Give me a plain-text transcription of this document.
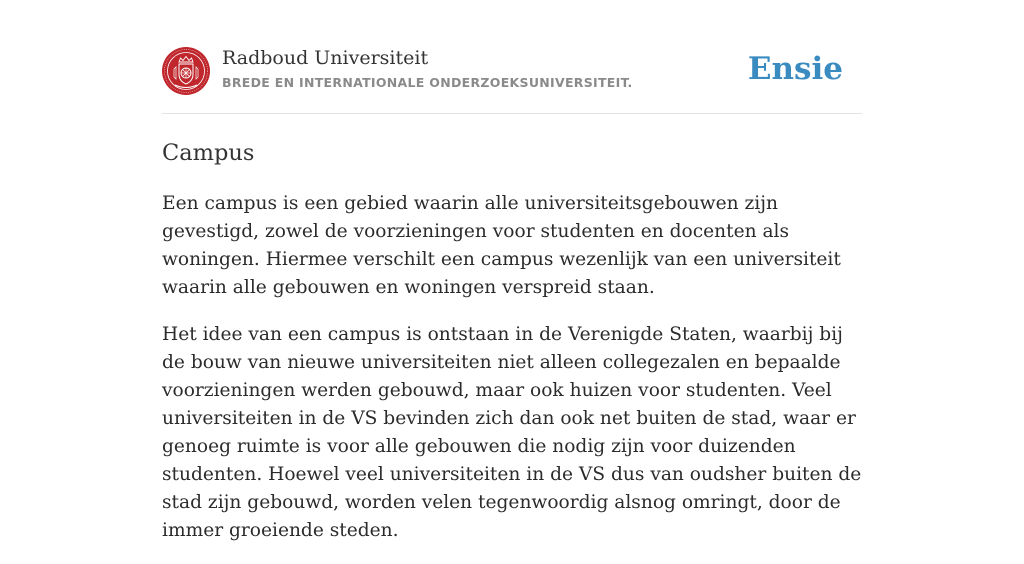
Radboud Universiteit
BREDE EN INTERNATIONALE ONDERZOEKSUNIVERSITEIT.	Ensie
Campus

Een campus is een gebied waarin alle universiteitsgebouwen zijn gevestigd, zowel de voorzieningen voor studenten en docenten als woningen. Hiermee verschilt een campus wezenlijk van een universiteit waarin alle gebouwen en woningen verspreid staan.

Het idee van een campus is ontstaan in de Verenigde Staten, waarbij bij de bouw van nieuwe universiteiten niet alleen collegezalen en bepaalde voorzieningen werden gebouwd, maar ook huizen voor studenten. Veel universiteiten in de VS bevinden zich dan ook net buiten de stad, waar er genoeg ruimte is voor alle gebouwen die nodig zijn voor duizenden studenten. Hoewel veel universiteiten in de VS dus van oudsher buiten de stad zijn gebouwd, worden velen tegenwoordig alsnog omringt, door de immer groeiende steden.
